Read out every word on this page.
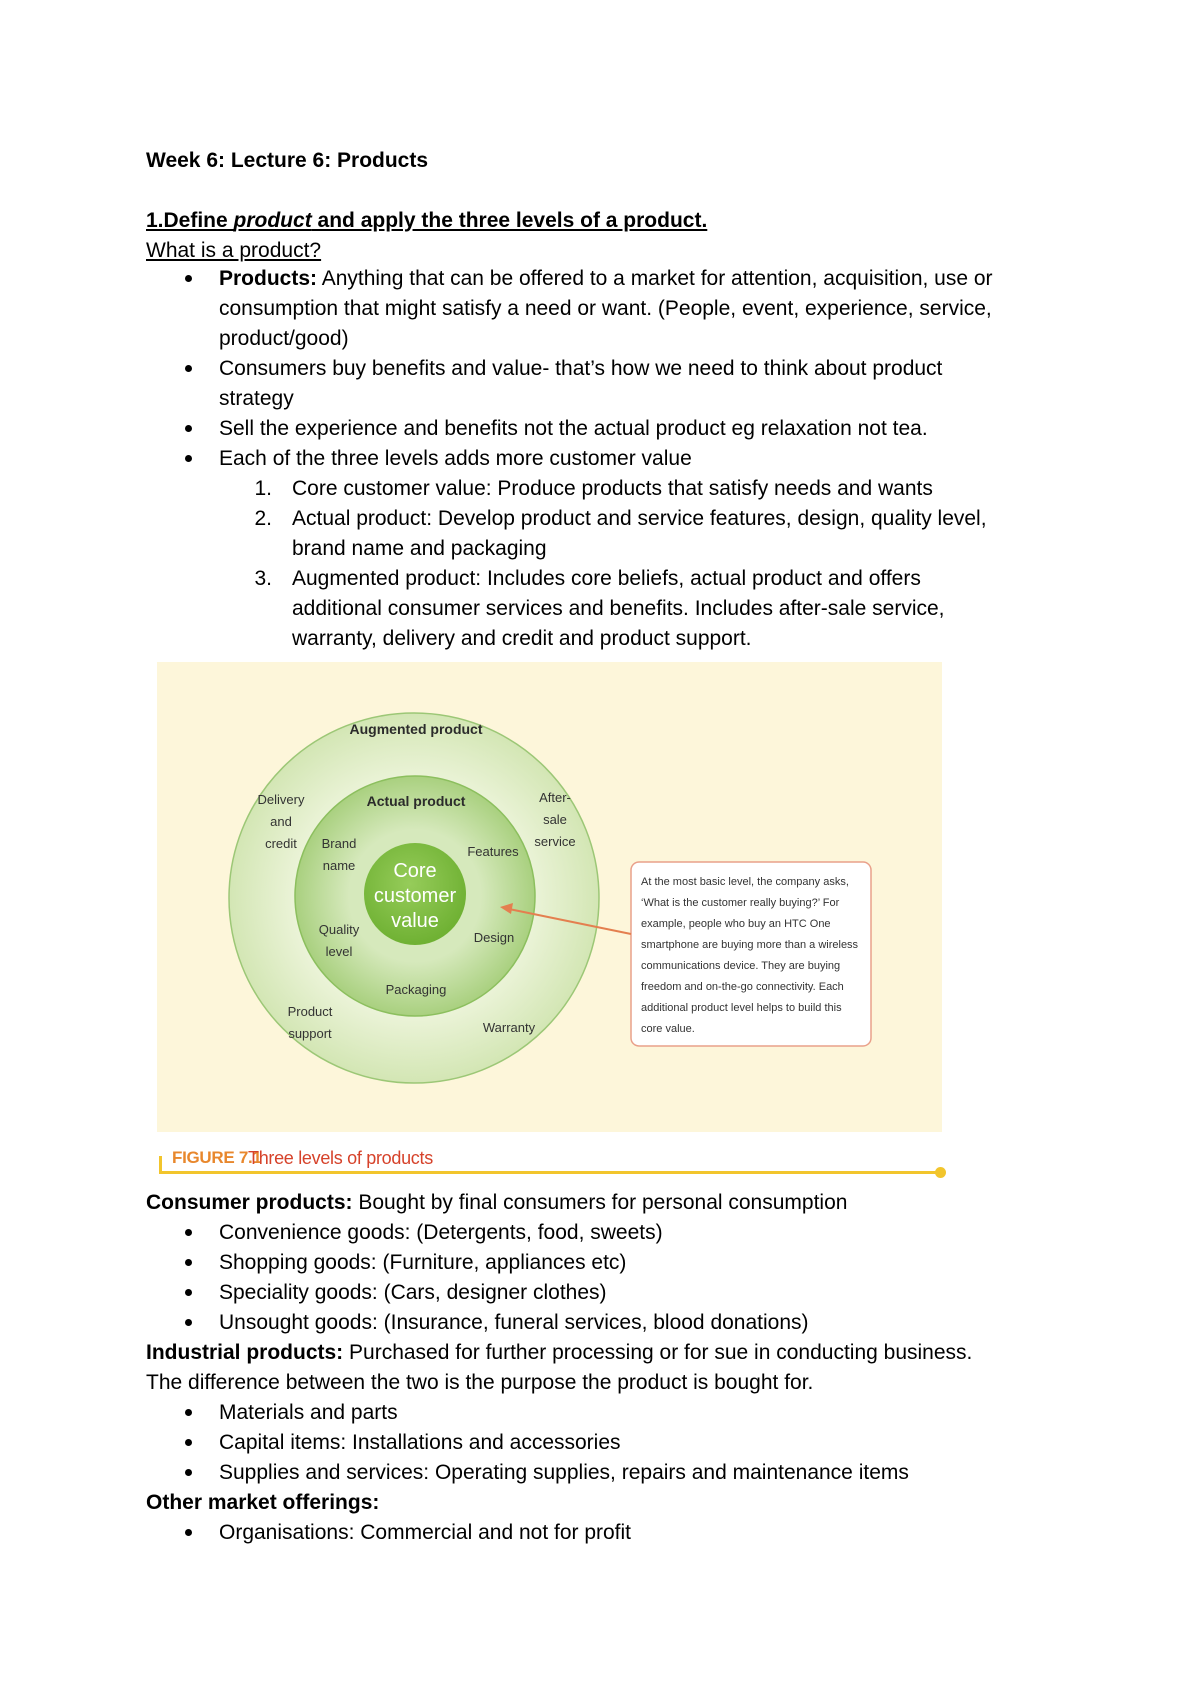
Week 6: Lecture 6: Products
1.Define product and apply the three levels of a product.
What is a product?
Products: Anything that can be offered to a market for attention, acquisition, use or
consumption that might satisfy a need or want. (People, event, experience, service,
product/good)
Consumers buy benefits and value- that’s how we need to think about product
strategy
Sell the experience and benefits not the actual product eg relaxation not tea.
Each of the three levels adds more customer value
1. Core customer value: Produce products that satisfy needs and wants
2. Actual product: Develop product and service features, design, quality level,
brand name and packaging
3. Augmented product: Includes core beliefs, actual product and offers
additional consumer services and benefits. Includes after-sale service,
warranty, delivery and credit and product support.
Augmented product
Actual product
Core
customer
value
Delivery
and
credit
After-
sale
service
Product
support	Warranty
Brand
name
Features
Quality
level
Design
Packaging
At the most basic level, the company asks,
‘What is the customer really buying?’ For
example, people who buy an HTC One
smartphone are buying more than a wireless
communications device. They are buying
freedom and on-the-go connectivity. Each
additional product level helps to build this
core value.
FIGURE 7.1
Three levels of products
Consumer products: Bought by final consumers for personal consumption
Convenience goods: (Detergents, food, sweets)
Shopping goods: (Furniture, appliances etc)
Speciality goods: (Cars, designer clothes)
Unsought goods: (Insurance, funeral services, blood donations)
Industrial products: Purchased for further processing or for sue in conducting business.
The difference between the two is the purpose the product is bought for.
Materials and parts
Capital items: Installations and accessories
Supplies and services: Operating supplies, repairs and maintenance items
Other market offerings:
Organisations: Commercial and not for profit
